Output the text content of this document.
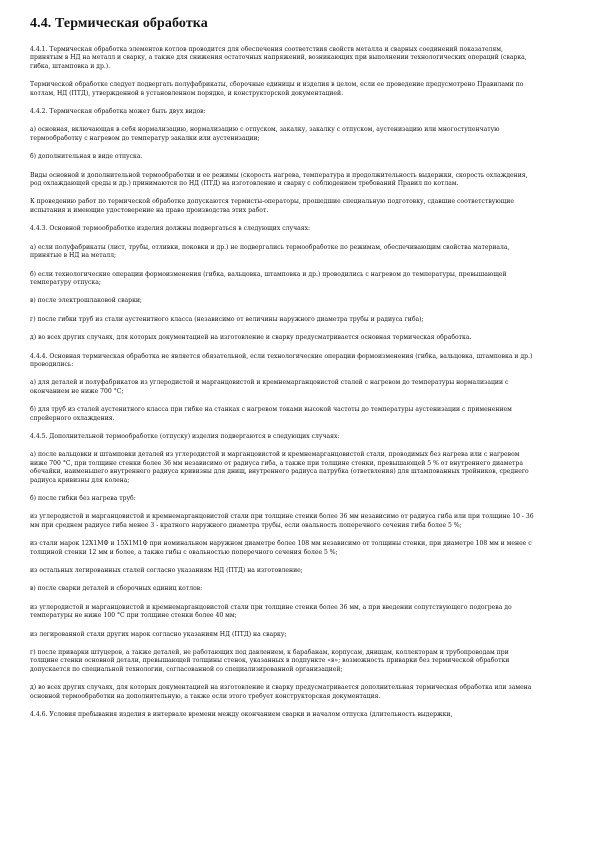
4.4. Термическая обработка

4.4.1. Термическая обработка элементов котлов проводится для обеспечения соответствия свойств металла и сварных соединений показателям, принятым в НД на металл и сварку, а также для снижения остаточных напряжений, возникающих при выполнении технологических операций (сварка, гибка, штамповка и др.).

Термической обработке следует подвергать полуфабрикаты, сборочные единицы и изделия в целом, если ее проведение предусмотрено Правилами по котлам, НД (ПТД), утвержденной в установленном порядке, и конструкторской документацией.

4.4.2. Термическая обработка может быть двух видов:

а) основная, включающая в себя нормализацию, нормализацию с отпуском, закалку, закалку с отпуском, аустенизацию или многоступенчатую термообработку с нагревом до температур закалки или аустенизации;

б) дополнительная в виде отпуска.

Виды основной и дополнительной термообработки и ее режимы (скорость нагрева, температура и продолжительность выдержки, скорость охлаждения, род охлаждающей среды и др.) принимаются по НД (ПТД) на изготовление и сварку с соблюдением требований Правил по котлам.

К проведению работ по термической обработке допускаются термисты-операторы, прошедшие специальную подготовку, сдавшие соответствующие испытания и имеющие удостоверение на право производства этих работ.

4.4.3. Основной термообработке изделия должны подвергаться в следующих случаях:

а) если полуфабрикаты (лист, трубы, отливки, поковки и др.) не подвергались термообработке по режимам, обеспечивающим свойства материала, принятые в НД на металл;

б) если технологические операции формоизменения (гибка, вальцовка, штамповка и др.) проводились с нагревом до температуры, превышающей температуру отпуска;

в) после электрошлаковой сварки;

г) после гибки труб из стали аустенитного класса (независимо от величины наружного диаметра трубы и радиуса гиба);

д) во всех других случаях, для которых документацией на изготовление и сварку предусматривается основная термическая обработка.

4.4.4. Основная термическая обработка не является обязательной, если технологические операции формоизменения (гибка, вальцовка, штамповка и др.) проводились:

а) для деталей и полуфабрикатов из углеродистой и марганцовистой и кремнемарганцовистой сталей с нагревом до температуры нормализации с окончанием не ниже 700 °С;

б) для труб из сталей аустенитного класса при гибке на станках с нагревом токами высокой частоты до температуры аустенизации с применением спрейерного охлаждения.

4.4.5. Дополнительной термообработке (отпуску) изделия подвергаются в следующих случаях:

а) после вальцовки и штамповки деталей из углеродистой и марганцовистой и кремнемарганцовистой стали, проводимых без нагрева или с нагревом ниже 700 °С, при толщине стенки более 36 мм независимо от радиуса гиба, а также при толщине стенки, превышающей 5 % от внутреннего диаметра обечайки, наименьшего внутреннего радиуса кривизны для днищ, внутреннего радиуса патрубка (ответвления) для штампованных тройников, среднего радиуса кривизны для колена;

б) после гибки без нагрева труб:

из углеродистой и марганцовистой и кремнемарганцовистой стали при толщине стенки более 36 мм независимо от радиуса гиба или при толщине 10 - 36 мм при среднем радиусе гиба менее 3 - кратного наружного диаметра трубы, если овальность поперечного сечения гиба более 5 %;

из стали марок 12Х1МФ и 15Х1М1Ф при номинальном наружном диаметре более 108 мм независимо от толщины стенки, при диаметре 108 мм и менее с толщиной стенки 12 мм и более, а также гибы с овальностью поперечного сечения более 5 %;

из остальных легированных сталей согласно указаниям НД (ПТД) на изготовление;

в) после сварки деталей и сборочных единиц котлов:

из углеродистой и марганцовистой и кремнемарганцовистой стали при толщине стенки более 36 мм, а при введении сопутствующего подогрева до температуры не ниже 100 °С при толщине стенки более 40 мм;

из легированной стали других марок согласно указаниям НД (ПТД) на сварку;

г) после приварки штуцеров, а также деталей, не работающих под давлением, к барабанам, корпусам, днищам, коллекторам и трубопроводам при толщине стенки основной детали, превышающей толщины стенок, указанных в подпункте «в»; возможность приварки без термической обработки допускается по специальной технологии, согласованной со специализированной организацией;

д) во всех других случаях, для которых документацией на изготовление и сварку предусматривается дополнительная термическая обработка или замена основной термообработки на дополнительную, а также если этого требует конструкторская документация.

4.4.6. Условия пребывания изделия в интервале времени между окончанием сварки и началом отпуска (длительность выдержки,
